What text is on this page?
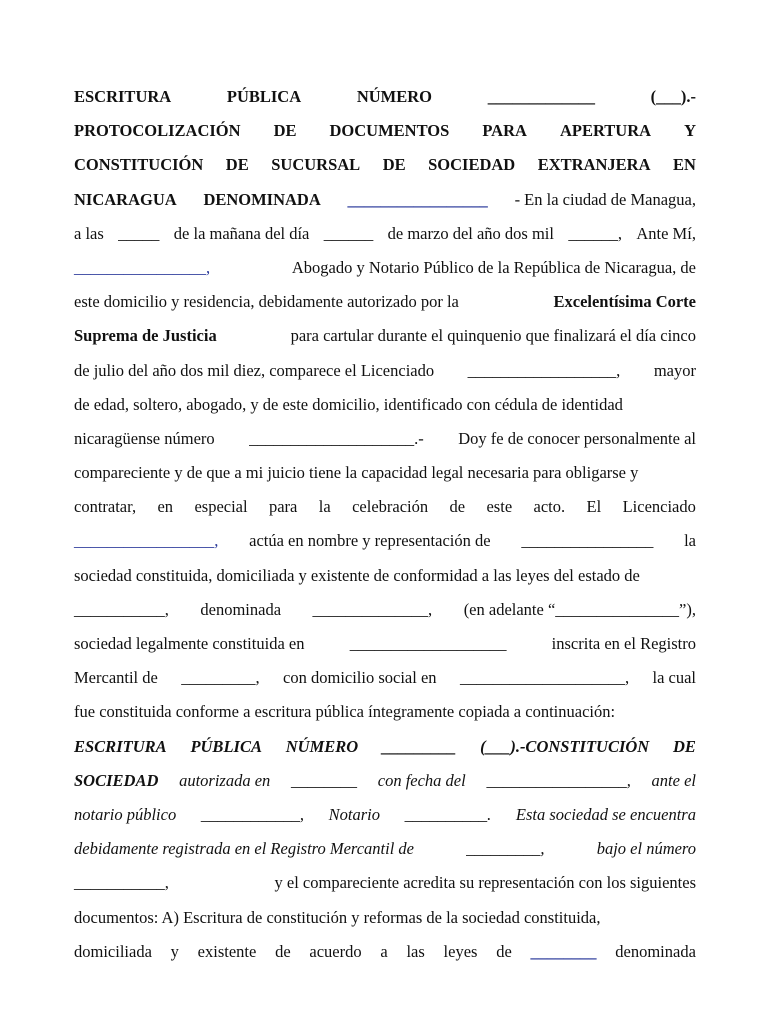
ESCRITURA	PÚBLICA	NÚMERO	_____________	(___).-
PROTOCOLIZACIÓN DE DOCUMENTOS PARA APERTURA Y
CONSTITUCIÓN DE SUCURSAL DE SOCIEDAD EXTRANJERA EN
NICARAGUA DENOMINADA _________________ - En la ciudad de Managua,
a las _____ de la mañana del día ______ de marzo del año dos mil ______, Ante Mí,
________________,	Abogado y Notario Público de la República de Nicaragua, de
este domicilio y residencia, debidamente autorizado por la	Excelentísima Corte
Suprema de Justicia	para cartular durante el quinquenio que finalizará el día cinco
de julio del año dos mil diez, comparece el Licenciado __________________, mayor
de edad, soltero, abogado, y de este domicilio, identificado con cédula de identidad
nicaragüense número ____________________.- Doy fe de conocer personalmente al
compareciente y de que a mi juicio tiene la capacidad legal necesaria para obligarse y
contratar, en especial para la celebración de este acto. El Licenciado
_________________, actúa en nombre y representación de ________________ la
sociedad constituida, domiciliada y existente de conformidad a las leyes del estado de
___________, denominada ______________, (en adelante “_______________”),
sociedad legalmente constituida en	___________________	inscrita en el Registro
Mercantil de _________, con domicilio social en ____________________, la cual
fue constituida conforme a escritura pública íntegramente copiada a continuación:
ESCRITURA PÚBLICA NÚMERO _________ (___).-CONSTITUCIÓN DE
SOCIEDAD autorizada en ________ con fecha del _________________, ante el
notario público ____________, Notario __________. Esta sociedad se encuentra
debidamente registrada en el Registro Mercantil de	_________,	bajo el número
___________,	y el compareciente acredita su representación con los siguientes
documentos: A) Escritura de constitución y reformas de la sociedad constituida,
domiciliada y existente de acuerdo a las leyes de ________ denominada
